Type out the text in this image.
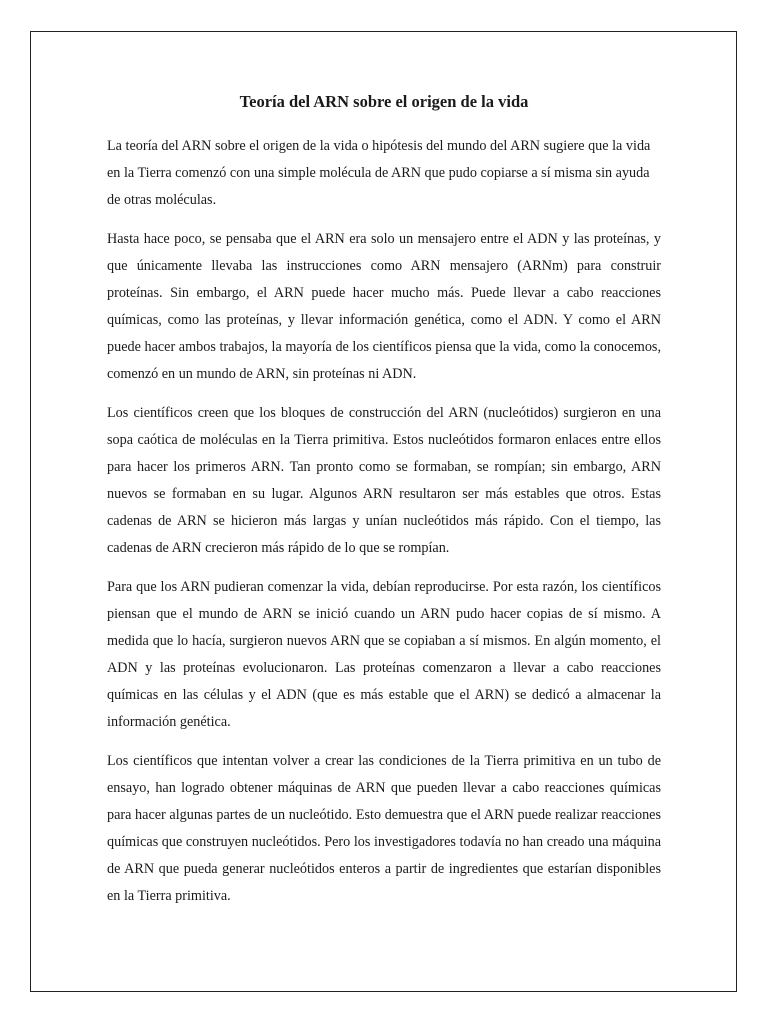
Teoría del ARN sobre el origen de la vida

La teoría del ARN sobre el origen de la vida o hipótesis del mundo del ARN sugiere que la vida en la Tierra comenzó con una simple molécula de ARN que pudo copiarse a sí misma sin ayuda de otras moléculas.

Hasta hace poco, se pensaba que el ARN era solo un mensajero entre el ADN y las proteínas, y que únicamente llevaba las instrucciones como ARN mensajero (ARNm) para construir proteínas. Sin embargo, el ARN puede hacer mucho más. Puede llevar a cabo reacciones químicas, como las proteínas, y llevar información genética, como el ADN. Y como el ARN puede hacer ambos trabajos, la mayoría de los científicos piensa que la vida, como la conocemos, comenzó en un mundo de ARN, sin proteínas ni ADN.

Los científicos creen que los bloques de construcción del ARN (nucleótidos) surgieron en una sopa caótica de moléculas en la Tierra primitiva. Estos nucleótidos formaron enlaces entre ellos para hacer los primeros ARN. Tan pronto como se formaban, se rompían; sin embargo, ARN nuevos se formaban en su lugar. Algunos ARN resultaron ser más estables que otros. Estas cadenas de ARN se hicieron más largas y unían nucleótidos más rápido. Con el tiempo, las cadenas de ARN crecieron más rápido de lo que se rompían.

Para que los ARN pudieran comenzar la vida, debían reproducirse. Por esta razón, los científicos piensan que el mundo de ARN se inició cuando un ARN pudo hacer copias de sí mismo. A medida que lo hacía, surgieron nuevos ARN que se copiaban a sí mismos. En algún momento, el ADN y las proteínas evolucionaron. Las proteínas comenzaron a llevar a cabo reacciones químicas en las células y el ADN (que es más estable que el ARN) se dedicó a almacenar la información genética.

Los científicos que intentan volver a crear las condiciones de la Tierra primitiva en un tubo de ensayo, han logrado obtener máquinas de ARN que pueden llevar a cabo reacciones químicas para hacer algunas partes de un nucleótido. Esto demuestra que el ARN puede realizar reacciones químicas que construyen nucleótidos. Pero los investigadores todavía no han creado una máquina de ARN que pueda generar nucleótidos enteros a partir de ingredientes que estarían disponibles en la Tierra primitiva.
